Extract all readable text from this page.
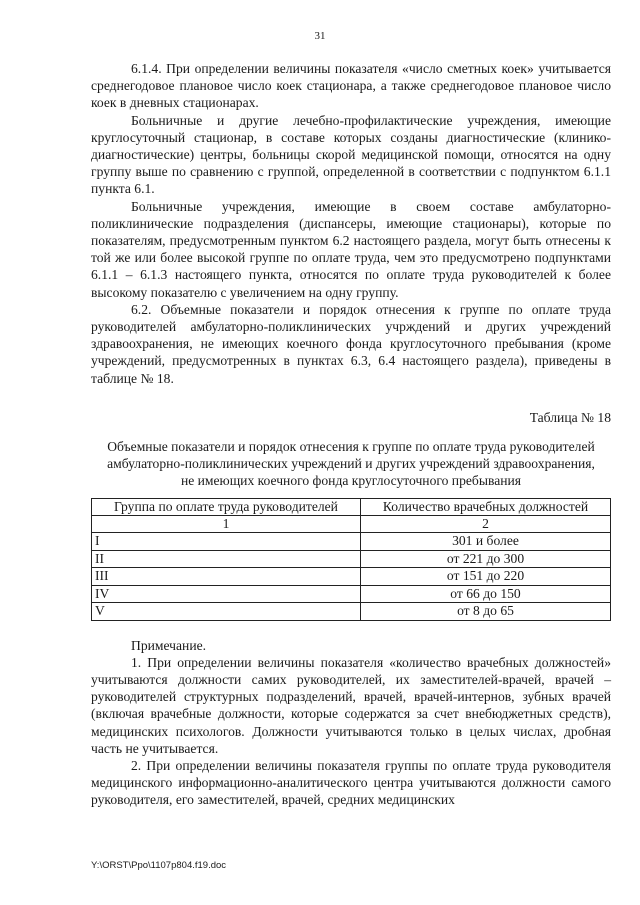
31

6.1.4. При определении величины показателя «число сметных коек» учитывается среднегодовое плановое число коек стационара, а также среднегодовое плановое число коек в дневных стационарах.

Больничные и другие лечебно-профилактические учреждения, имеющие круглосуточный стационар, в составе которых созданы диагностические (клинико-диагностические) центры, больницы скорой медицинской помощи, относятся на одну группу выше по сравнению с группой, определенной в соответствии с подпунктом 6.1.1 пункта 6.1.

Больничные учреждения, имеющие в своем составе амбулаторно-поликлинические подразделения (диспансеры, имеющие стационары), которые по показателям, предусмотренным пунктом 6.2 настоящего раздела, могут быть отнесены к той же или более высокой группе по оплате труда, чем это предусмотрено подпунктами 6.1.1 – 6.1.3 настоящего пункта, относятся по оплате труда руководителей к более высокому показателю с увеличением на одну группу.

6.2. Объемные показатели и порядок отнесения к группе по оплате труда руководителей амбулаторно-поликлинических учрждений и других учреждений здравоохранения, не имеющих коечного фонда круглосуточного пребывания (кроме учреждений, предусмотренных в пунктах 6.3, 6.4 настоящего раздела), приведены в таблице № 18.

Таблица № 18
Объемные показатели и порядок отнесения к группе по оплате труда руководителей амбулаторно-поликлинических учреждений и других учреждений здравоохранения, не имеющих коечного фонда круглосуточного пребывания
Группа по оплате труда руководителей	Количество врачебных должностей
1	2
I	301 и более
II	от 221 до 300
III	от 151 до 220
IV	от 66 до 150
V	от 8 до 65

Примечание.

1. При определении величины показателя «количество врачебных должностей» учитываются должности самих руководителей, их заместителей-врачей, врачей – руководителей структурных подразделений, врачей, врачей-интернов, зубных врачей (включая врачебные должности, которые содержатся за счет внебюджетных средств), медицинских психологов. Должности учитываются только в целых числах, дробная часть не учитывается.

2. При определении величины показателя группы по оплате труда руководителя медицинского информационно-аналитического центра учитываются должности самого руководителя, его заместителей, врачей, средних медицинских

Y:\ORST\Ppo\1107p804.f19.doc
